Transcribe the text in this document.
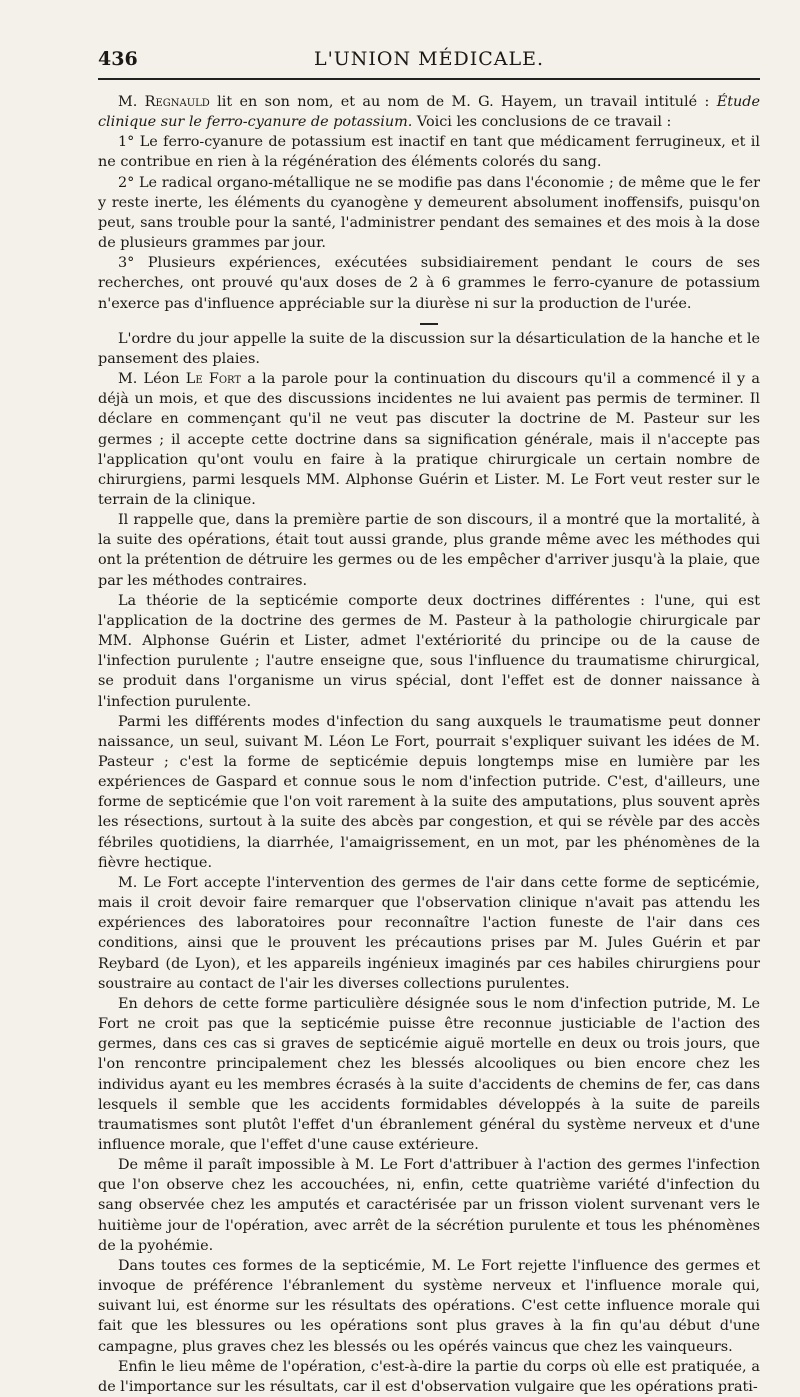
436	L'UNION MÉDICALE.

M. Regnauld lit en son nom, et au nom de M. G. Hayem, un travail intitulé : Étude clinique sur le ferro-cyanure de potassium. Voici les conclusions de ce travail :

1° Le ferro-cyanure de potassium est inactif en tant que médicament ferrugineux, et il ne contribue en rien à la régénération des éléments colorés du sang.

2° Le radical organo-métallique ne se modifie pas dans l'économie ; de même que le fer y reste inerte, les éléments du cyanogène y demeurent absolument inoffensifs, puisqu'on peut, sans trouble pour la santé, l'administrer pendant des semaines et des mois à la dose de plusieurs grammes par jour.

3° Plusieurs expériences, exécutées subsidiairement pendant le cours de ses recherches, ont prouvé qu'aux doses de 2 à 6 grammes le ferro-cyanure de potassium n'exerce pas d'influence appréciable sur la diurèse ni sur la production de l'urée.

L'ordre du jour appelle la suite de la discussion sur la désarticulation de la hanche et le pansement des plaies.

M. Léon Le Fort a la parole pour la continuation du discours qu'il a commencé il y a déjà un mois, et que des discussions incidentes ne lui avaient pas permis de terminer. Il déclare en commençant qu'il ne veut pas discuter la doctrine de M. Pasteur sur les germes ; il accepte cette doctrine dans sa signification générale, mais il n'accepte pas l'application qu'ont voulu en faire à la pratique chirurgicale un certain nombre de chirurgiens, parmi lesquels MM. Alphonse Guérin et Lister. M. Le Fort veut rester sur le terrain de la clinique.

Il rappelle que, dans la première partie de son discours, il a montré que la mortalité, à la suite des opérations, était tout aussi grande, plus grande même avec les méthodes qui ont la prétention de détruire les germes ou de les empêcher d'arriver jusqu'à la plaie, que par les méthodes contraires.

La théorie de la septicémie comporte deux doctrines différentes : l'une, qui est l'application de la doctrine des germes de M. Pasteur à la pathologie chirurgicale par MM. Alphonse Guérin et Lister, admet l'extériorité du principe ou de la cause de l'infection purulente ; l'autre enseigne que, sous l'influence du traumatisme chirurgical, se produit dans l'organisme un virus spécial, dont l'effet est de donner naissance à l'infection purulente.

Parmi les différents modes d'infection du sang auxquels le traumatisme peut donner naissance, un seul, suivant M. Léon Le Fort, pourrait s'expliquer suivant les idées de M. Pasteur ; c'est la forme de septicémie depuis longtemps mise en lumière par les expériences de Gaspard et connue sous le nom d'infection putride. C'est, d'ailleurs, une forme de septicémie que l'on voit rarement à la suite des amputations, plus souvent après les résections, surtout à la suite des abcès par congestion, et qui se révèle par des accès fébriles quotidiens, la diarrhée, l'amaigrissement, en un mot, par les phénomènes de la fièvre hectique.

M. Le Fort accepte l'intervention des germes de l'air dans cette forme de septicémie, mais il croit devoir faire remarquer que l'observation clinique n'avait pas attendu les expériences des laboratoires pour reconnaître l'action funeste de l'air dans ces conditions, ainsi que le prouvent les précautions prises par M. Jules Guérin et par Reybard (de Lyon), et les appareils ingénieux imaginés par ces habiles chirurgiens pour soustraire au contact de l'air les diverses collections purulentes.

En dehors de cette forme particulière désignée sous le nom d'infection putride, M. Le Fort ne croit pas que la septicémie puisse être reconnue justiciable de l'action des germes, dans ces cas si graves de septicémie aiguë mortelle en deux ou trois jours, que l'on rencontre principalement chez les blessés alcooliques ou bien encore chez les individus ayant eu les membres écrasés à la suite d'accidents de chemins de fer, cas dans lesquels il semble que les accidents formidables développés à la suite de pareils traumatismes sont plutôt l'effet d'un ébranlement général du système nerveux et d'une influence morale, que l'effet d'une cause extérieure.

De même il paraît impossible à M. Le Fort d'attribuer à l'action des germes l'infection que l'on observe chez les accouchées, ni, enfin, cette quatrième variété d'infection du sang observée chez les amputés et caractérisée par un frisson violent survenant vers le huitième jour de l'opération, avec arrêt de la sécrétion purulente et tous les phénomènes de la pyohémie.

Dans toutes ces formes de la septicémie, M. Le Fort rejette l'influence des germes et invoque de préférence l'ébranlement du système nerveux et l'influence morale qui, suivant lui, est énorme sur les résultats des opérations. C'est cette influence morale qui fait que les blessures ou les opérations sont plus graves à la fin qu'au début d'une campagne, plus graves chez les blessés ou les opérés vaincus que chez les vainqueurs.

Enfin le lieu même de l'opération, c'est-à-dire la partie du corps où elle est pratiquée, a de l'importance sur les résultats, car il est d'observation vulgaire que les opérations prati-
